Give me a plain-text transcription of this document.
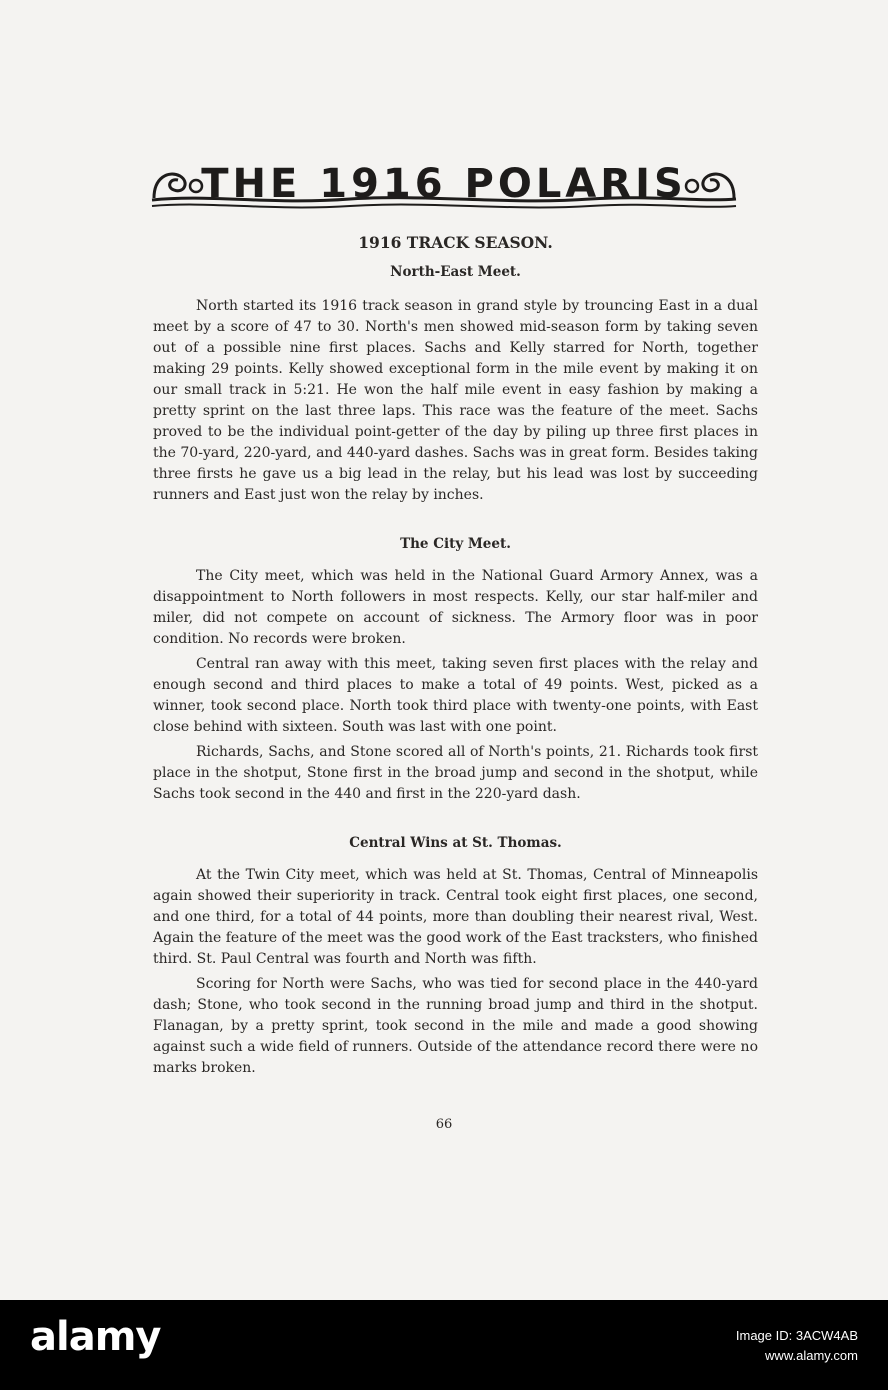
THE 1916 POLARIS
1916 TRACK SEASON.
North-East Meet.

North started its 1916 track season in grand style by trouncing East in a dual meet by a score of 47 to 30. North's men showed mid-season form by taking seven out of a possible nine first places. Sachs and Kelly starred for North, together making 29 points. Kelly showed exceptional form in the mile event by making it on our small track in 5:21. He won the half mile event in easy fashion by making a pretty sprint on the last three laps. This race was the feature of the meet. Sachs proved to be the individual point-getter of the day by piling up three first places in the 70-yard, 220-yard, and 440-yard dashes. Sachs was in great form. Besides taking three firsts he gave us a big lead in the relay, but his lead was lost by succeeding runners and East just won the relay by inches.

The City Meet.

The City meet, which was held in the National Guard Armory Annex, was a disappointment to North followers in most respects. Kelly, our star half-miler and miler, did not compete on account of sickness. The Armory floor was in poor condition. No records were broken.

Central ran away with this meet, taking seven first places with the relay and enough second and third places to make a total of 49 points. West, picked as a winner, took second place. North took third place with twenty-one points, with East close behind with sixteen. South was last with one point.

Richards, Sachs, and Stone scored all of North's points, 21. Richards took first place in the shotput, Stone first in the broad jump and second in the shotput, while Sachs took second in the 440 and first in the 220-yard dash.

Central Wins at St. Thomas.

At the Twin City meet, which was held at St. Thomas, Central of Minneapolis again showed their superiority in track. Central took eight first places, one second, and one third, for a total of 44 points, more than doubling their nearest rival, West. Again the feature of the meet was the good work of the East tracksters, who finished third. St. Paul Central was fourth and North was fifth.

Scoring for North were Sachs, who was tied for second place in the 440-yard dash; Stone, who took second in the running broad jump and third in the shotput. Flanagan, by a pretty sprint, took second in the mile and made a good showing against such a wide field of runners. Outside of the attendance record there were no marks broken.

66
alamy	Image ID: 3ACW4AB
www.alamy.com
